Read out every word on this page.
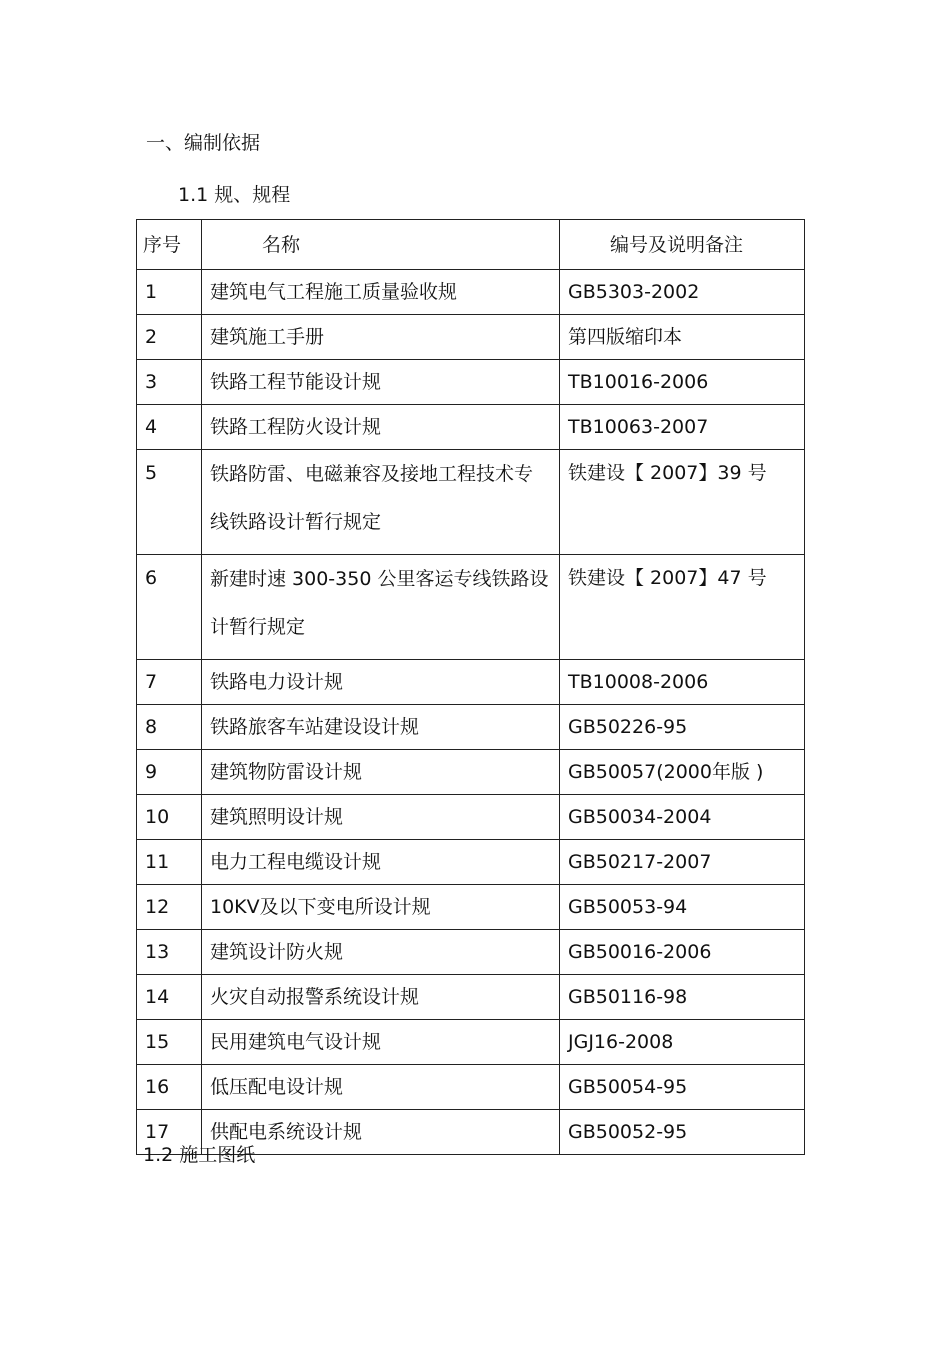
一、编制依据
1.1 规、规程
序号	名称	编号及说明备注
1	建筑电气工程施工质量验收规	GB5303-2002
2	建筑施工手册	第四版缩印本
3	铁路工程节能设计规	TB10016-2006
4	铁路工程防火设计规	TB10063-2007
5	铁路防雷、电磁兼容及接地工程技术专线铁路设计暂行规定	铁建设【 2007】39 号
6	新建时速 300-350 公里客运专线铁路设计暂行规定	铁建设【 2007】47 号
7	铁路电力设计规	TB10008-2006
8	铁路旅客车站建设设计规	GB50226-95
9	建筑物防雷设计规	GB50057(2000年版 )
10	建筑照明设计规	GB50034-2004
11	电力工程电缆设计规	GB50217-2007
12	10KV及以下变电所设计规	GB50053-94
13	建筑设计防火规	GB50016-2006
14	火灾自动报警系统设计规	GB50116-98
15	民用建筑电气设计规	JGJ16-2008
16	低压配电设计规	GB50054-95
17	供配电系统设计规	GB50052-95
1.2 施工图纸
